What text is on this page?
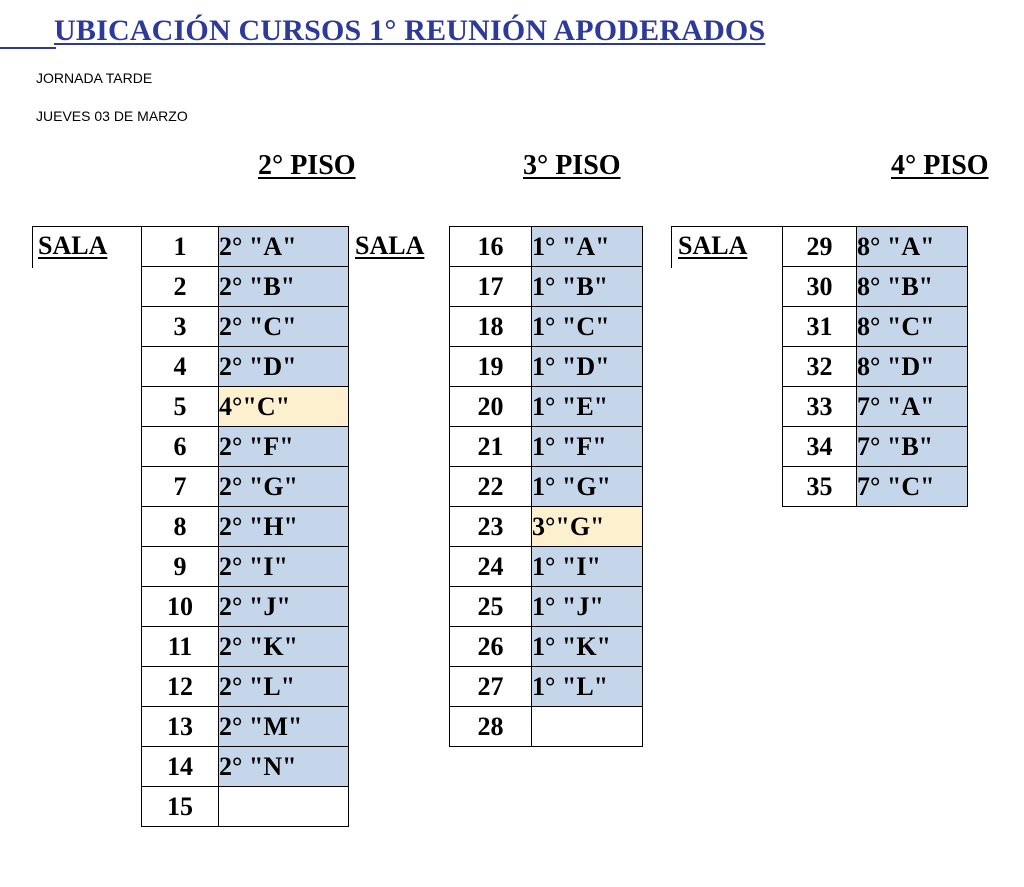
UBICACIÓN CURSOS 1° REUNIÓN APODERADOS
JORNADA TARDE
JUEVES 03 DE MARZO
2° PISO
SALA	1	2° "A"
2	2° "B"
3	2° "C"
4	2° "D"
5	4°"C"
6	2° "F"
7	2° "G"
8	2° "H"
9	2° "I"
10	2° "J"
11	2° "K"
12	2° "L"
13	2° "M"
14	2° "N"
15	
3° PISO
SALA 16	1° "A"
17	1° "B"
18	1° "C"
19	1° "D"
20	1° "E"
21	1° "F"
22	1° "G"
23	3°"G"
24	1° "I"
25	1° "J"
26	1° "K"
27	1° "L"
28	
4° PISO
SALA 29	8° "A"
30	8° "B"
31	8° "C"
32	8° "D"
33	7° "A"
34	7° "B"
35	7° "C"
